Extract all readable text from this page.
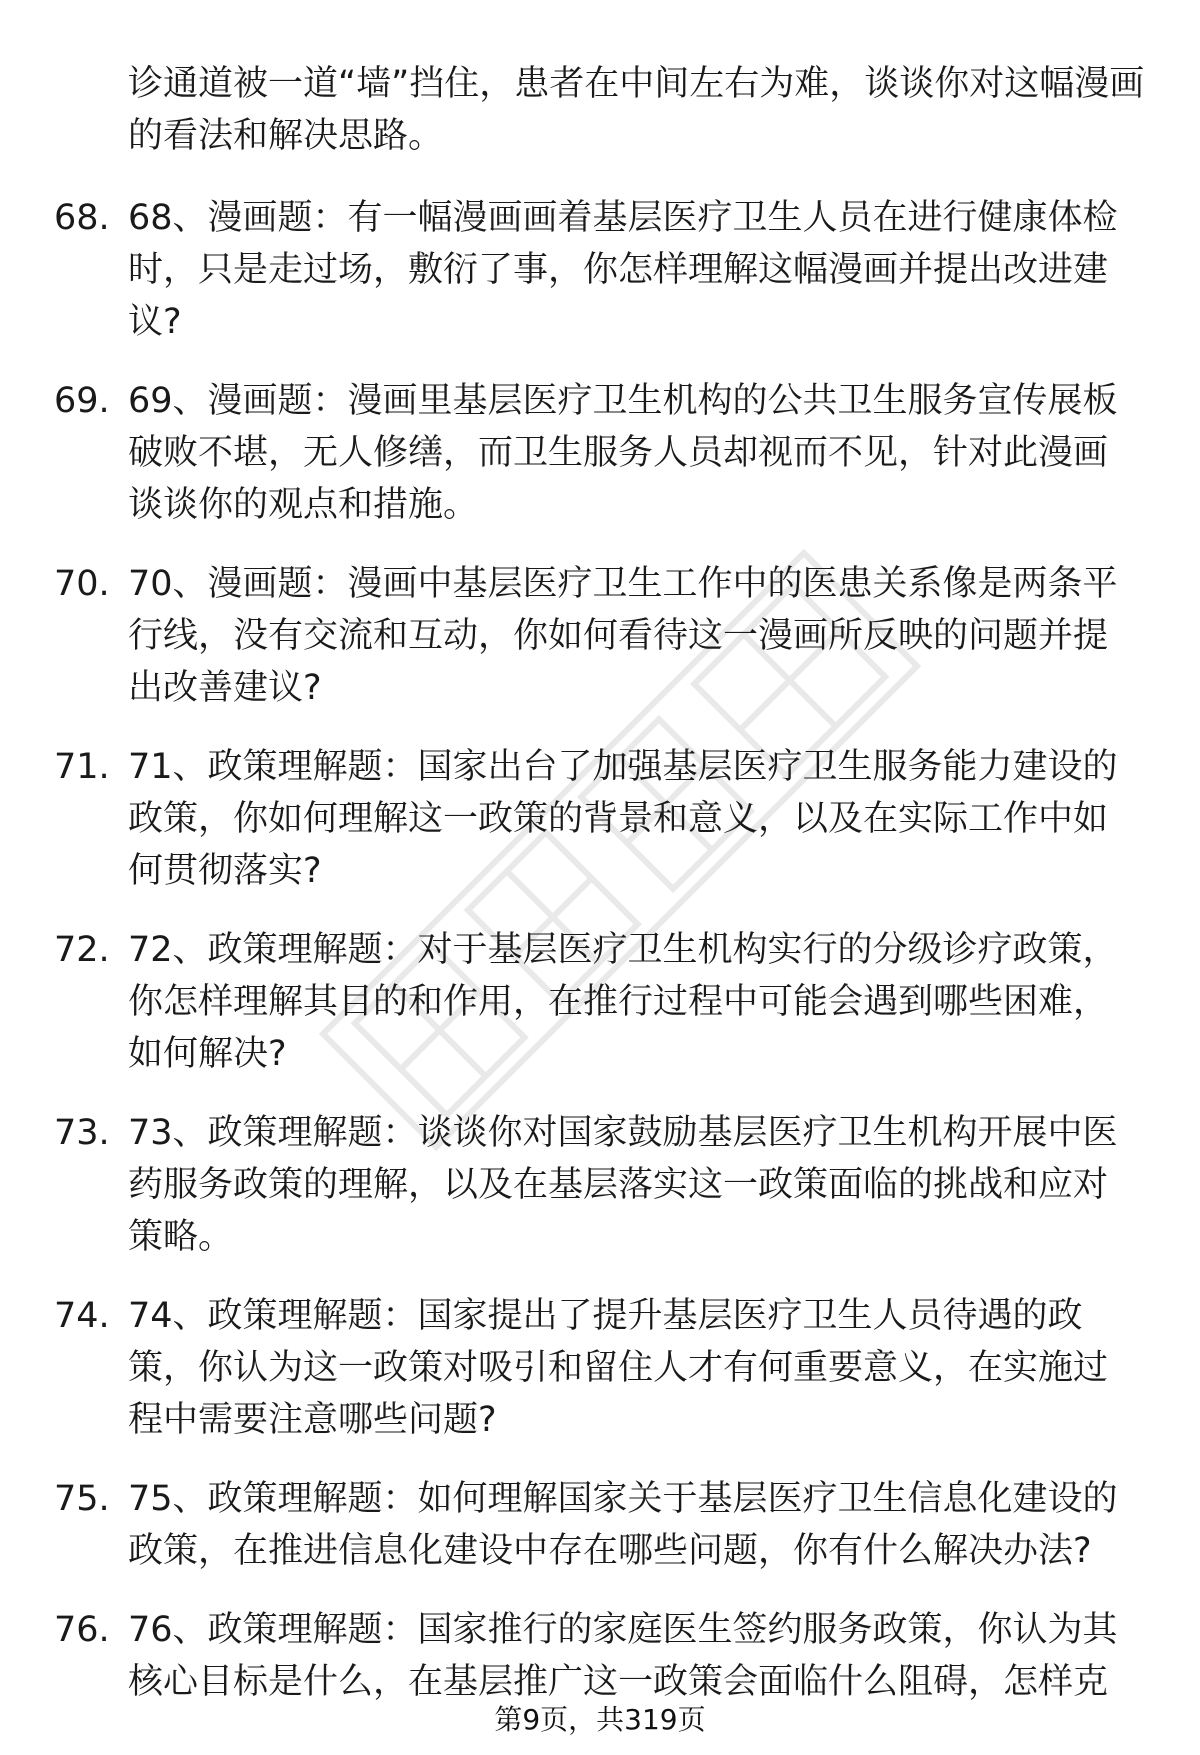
诊通道被一道“墙”挡住，患者在中间左右为难，谈谈你对这幅漫画的看法和解决思路。
68. 68、漫画题：有一幅漫画画着基层医疗卫生人员在进行健康体检时，只是走过场，敷衍了事，你怎样理解这幅漫画并提出改进建议?
69. 69、漫画题：漫画里基层医疗卫生机构的公共卫生服务宣传展板破败不堪，无人修缮，而卫生服务人员却视而不见，针对此漫画谈谈你的观点和措施。
70. 70、漫画题：漫画中基层医疗卫生工作中的医患关系像是两条平行线，没有交流和互动，你如何看待这一漫画所反映的问题并提出改善建议?
71. 71、政策理解题：国家出台了加强基层医疗卫生服务能力建设的政策，你如何理解这一政策的背景和意义，以及在实际工作中如何贯彻落实?
72. 72、政策理解题：对于基层医疗卫生机构实行的分级诊疗政策，你怎样理解其目的和作用，在推行过程中可能会遇到哪些困难，如何解决?
73. 73、政策理解题：谈谈你对国家鼓励基层医疗卫生机构开展中医药服务政策的理解，以及在基层落实这一政策面临的挑战和应对策略。
74. 74、政策理解题：国家提出了提升基层医疗卫生人员待遇的政策，你认为这一政策对吸引和留住人才有何重要意义，在实施过程中需要注意哪些问题?
75. 75、政策理解题：如何理解国家关于基层医疗卫生信息化建设的政策，在推进信息化建设中存在哪些问题，你有什么解决办法?
76. 76、政策理解题：国家推行的家庭医生签约服务政策，你认为其核心目标是什么，在基层推广这一政策会面临什么阻碍，怎样克
第9页，共319页
